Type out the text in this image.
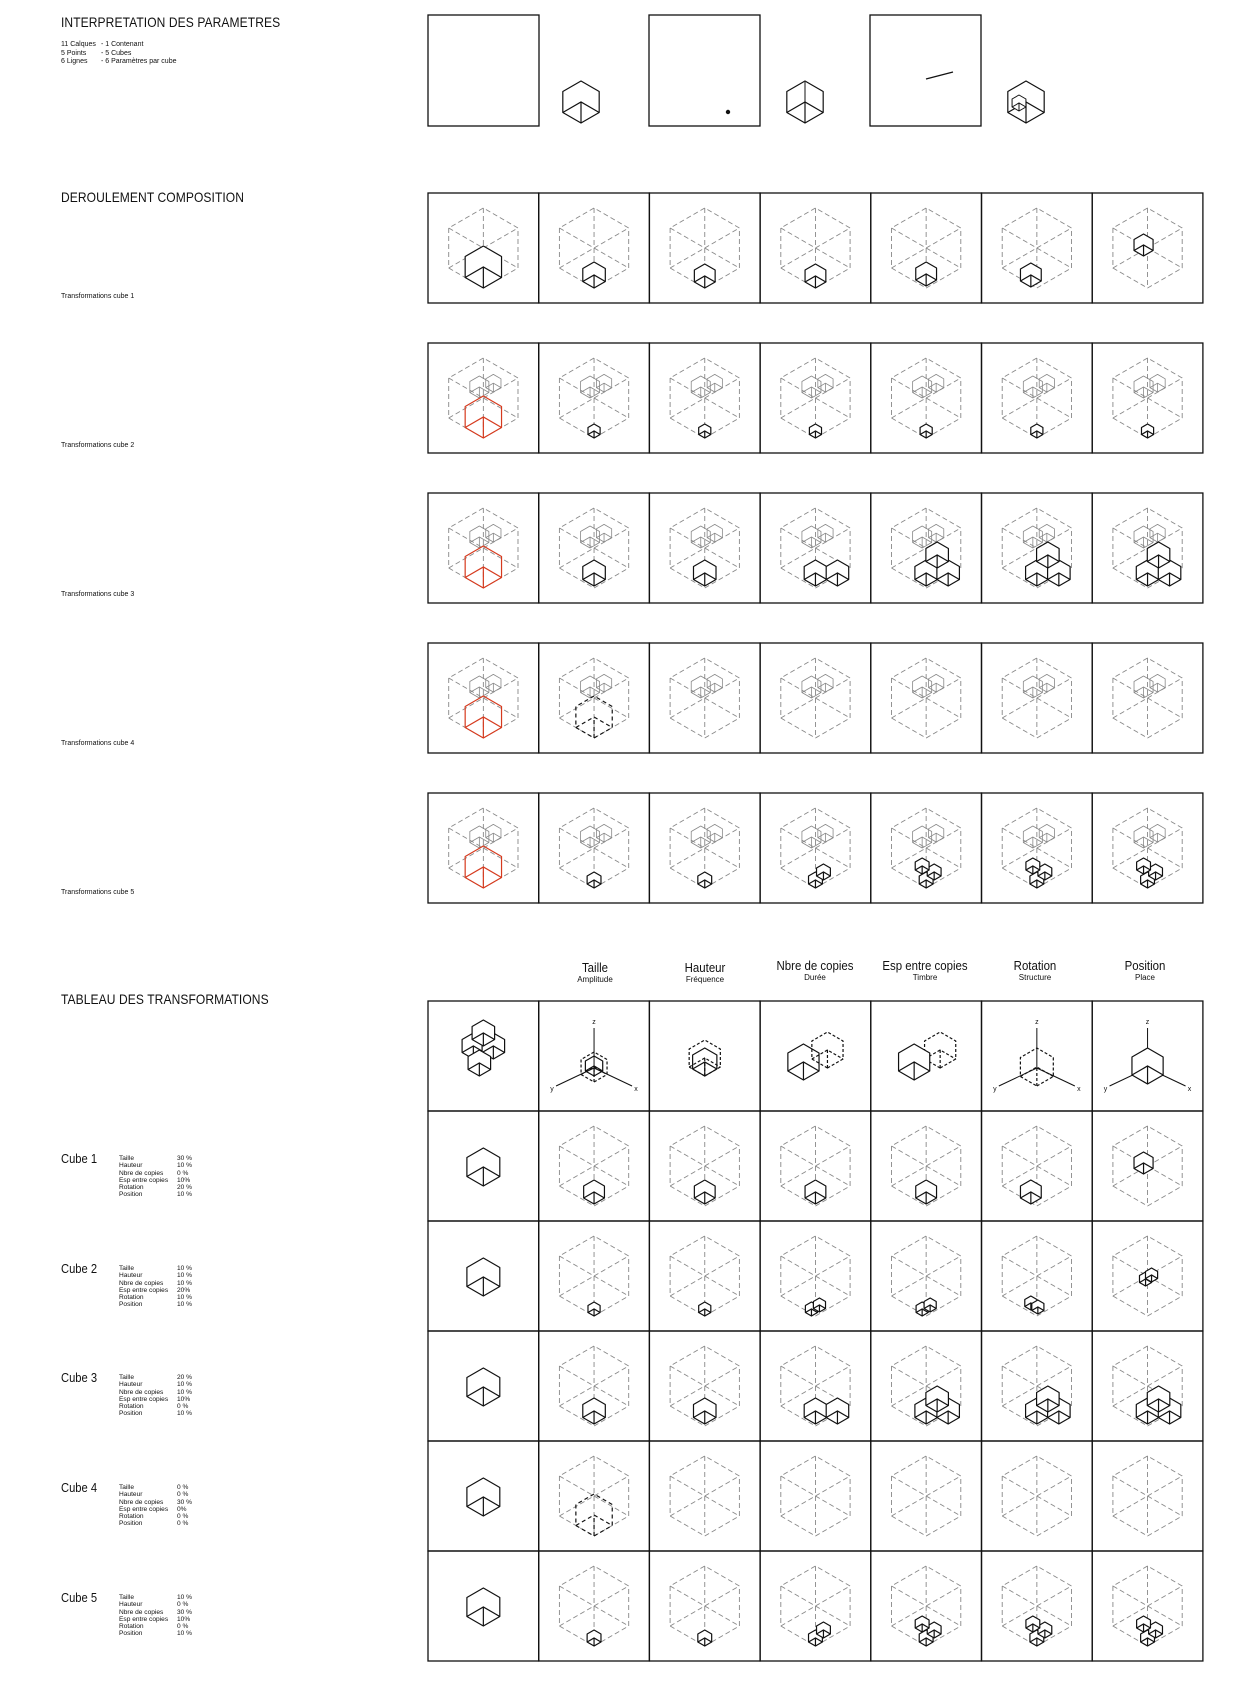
INTERPRETATION DES PARAMETRES
11 Calques - 1 Contenant
5 Points	- 5 Cubes
6 Lignes	- 6 Paramètres par cube
DEROULEMENT COMPOSITION
Transformations cube 1
Transformations cube 2
Transformations cube 3
Transformations cube 4
Transformations cube 5
TABLEAU DES TRANSFORMATIONS
Taille
Amplitude
Hauteur
Fréquence
Nbre de copies
Durée
Esp entre copies
Timbre
Rotation
Structure
Position
Place
Cube 1	Taille	30 %
Hauteur	10 %
Nbre de copies	0 %
Esp entre copies	10%
Rotation	20 %
Position	10 %
Cube 2	Taille	10 %
Hauteur	10 %
Nbre de copies	10 %
Esp entre copies	20%
Rotation	10 %
Position	10 %
Cube 3	Taille	20 %
Hauteur	10 %
Nbre de copies	10 %
Esp entre copies	10%
Rotation	0 %
Position	10 %
Cube 4	Taille	0 %
Hauteur	0 %
Nbre de copies	30 %
Esp entre copies	0%
Rotation	0 %
Position	0 %
Cube 5	Taille	10 %
Hauteur	0 %
Nbre de copies	30 %
Esp entre copies	10%
Rotation	0 %
Position	10 %
z
y	x
z
y	x
z
y	x
